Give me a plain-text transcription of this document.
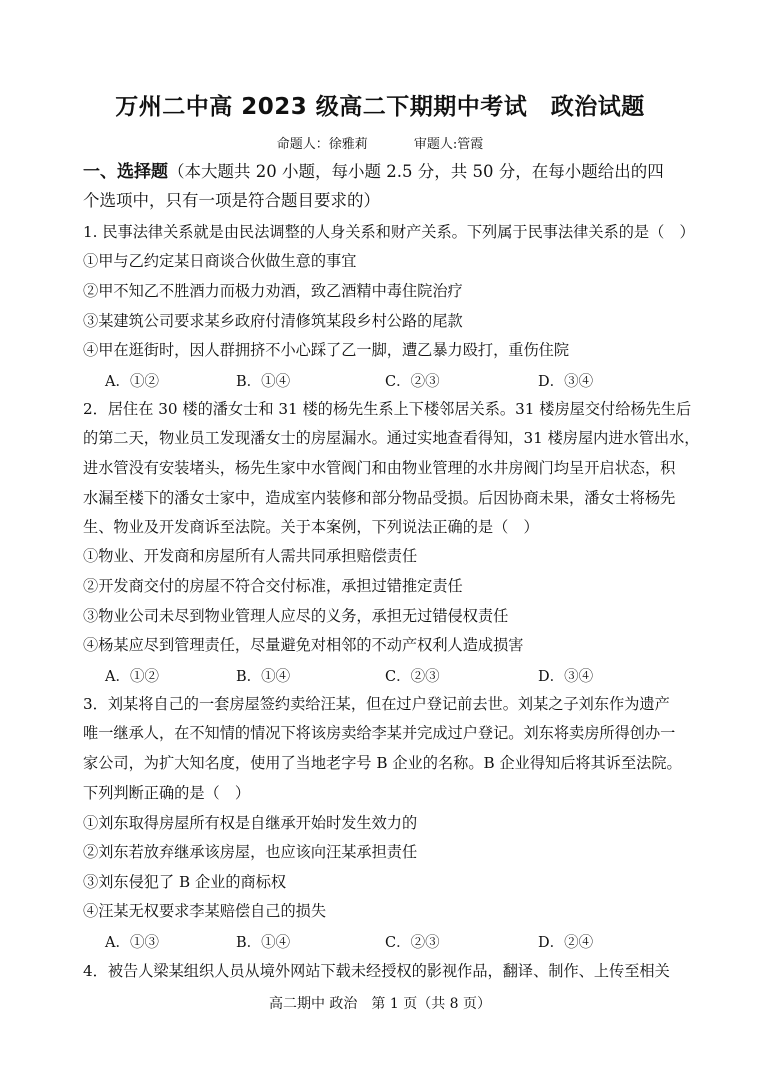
万州二中高 2023 级高二下期期中考试　政治试题
命题人：徐雅莉	审题人:管霞
一、选择题（本大题共 20 小题，每小题 2.5 分，共 50 分，在每小题给出的四
个选项中，只有一项是符合题目要求的）
1. 民事法律关系就是由民法调整的人身关系和财产关系。下列属于民事法律关系的是（　）
①甲与乙约定某日商谈合伙做生意的事宜
②甲不知乙不胜酒力而极力劝酒，致乙酒精中毒住院治疗
③某建筑公司要求某乡政府付清修筑某段乡村公路的尾款
④甲在逛街时，因人群拥挤不小心踩了乙一脚，遭乙暴力殴打，重伤住院
A．①②	B．①④	C．②③	D．③④
2．居住在 30 楼的潘女士和 31 楼的杨先生系上下楼邻居关系。31 楼房屋交付给杨先生后
的第二天，物业员工发现潘女士的房屋漏水。通过实地查看得知，31 楼房屋内进水管出水，
进水管没有安装堵头，杨先生家中水管阀门和由物业管理的水井房阀门均呈开启状态，积
水漏至楼下的潘女士家中，造成室内装修和部分物品受损。后因协商未果，潘女士将杨先
生、物业及开发商诉至法院。关于本案例，下列说法正确的是（　）
①物业、开发商和房屋所有人需共同承担赔偿责任
②开发商交付的房屋不符合交付标准，承担过错推定责任
③物业公司未尽到物业管理人应尽的义务，承担无过错侵权责任
④杨某应尽到管理责任，尽量避免对相邻的不动产权利人造成损害
A．①②	B．①④	C．②③	D．③④
3．刘某将自己的一套房屋签约卖给汪某，但在过户登记前去世。刘某之子刘东作为遗产
唯一继承人，在不知情的情况下将该房卖给李某并完成过户登记。刘东将卖房所得创办一
家公司，为扩大知名度，使用了当地老字号 B 企业的名称。B 企业得知后将其诉至法院。
下列判断正确的是（　）
①刘东取得房屋所有权是自继承开始时发生效力的
②刘东若放弃继承该房屋，也应该向汪某承担责任
③刘东侵犯了 B 企业的商标权
④汪某无权要求李某赔偿自己的损失
A．①③	B．①④	C．②③	D．②④
4．被告人梁某组织人员从境外网站下载未经授权的影视作品，翻译、制作、上传至相关
高二期中 政治　第 1 页（共 8 页）
